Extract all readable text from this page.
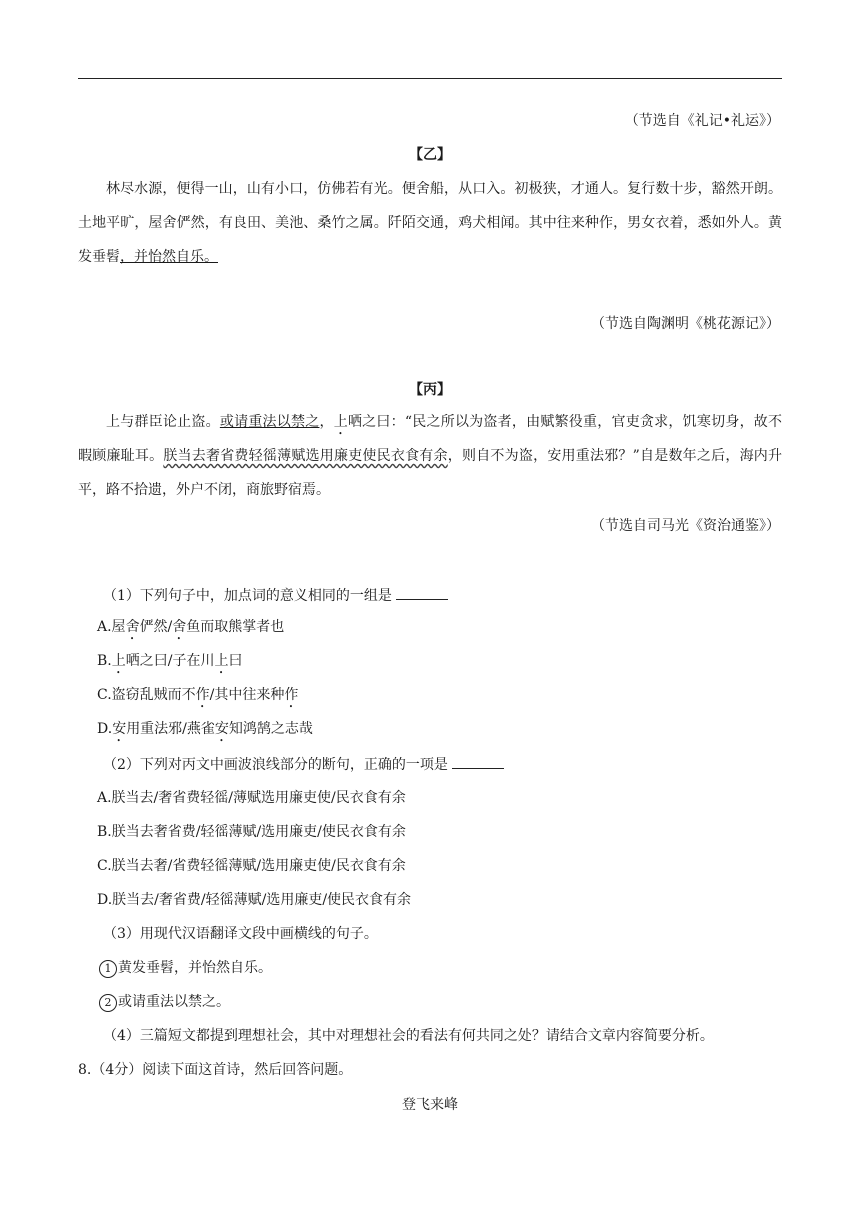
（节选自《礼记•礼运》）
【乙】
林尽水源，便得一山，山有小口，仿佛若有光。便舍船，从口入。初极狭，才通人。复行数十步，豁然开朗。土地平旷，屋舍俨然，有良田、美池、桑竹之属。阡陌交通，鸡犬相闻。其中往来种作，男女衣着，悉如外人。黄发垂髫，并怡然自乐。
（节选自陶渊明《桃花源记》）
【丙】
上与群臣论止盗。或请重法以禁之，上哂之曰：“民之所以为盗者，由赋繁役重，官吏贪求，饥寒切身，故不暇顾廉耻耳。朕当去奢省费轻徭薄赋选用廉吏使民衣食有余，则自不为盗，安用重法邪？”自是数年之后，海内升平，路不拾遗，外户不闭，商旅野宿焉。
（节选自司马光《资治通鉴》）
（1）下列句子中，加点词的意义相同的一组是
A.屋舍俨然/舍鱼而取熊掌者也
B.上哂之曰/子在川上曰
C.盗窃乱贼而不作/其中往来种作
D.安用重法邪/燕雀安知鸿鹄之志哉
（2）下列对丙文中画波浪线部分的断句，正确的一项是
A.朕当去/奢省费轻徭/薄赋选用廉吏使/民衣食有余
B.朕当去奢省费/轻徭薄赋/选用廉吏/使民衣食有余
C.朕当去奢/省费轻徭薄赋/选用廉吏使/民衣食有余
D.朕当去/奢省费/轻徭薄赋/选用廉吏/使民衣食有余
（3）用现代汉语翻译文段中画横线的句子。
1 黄发垂髫，并怡然自乐。
2 或请重法以禁之。
（4）三篇短文都提到理想社会，其中对理想社会的看法有何共同之处？请结合文章内容简要分析。
8.（4分）阅读下面这首诗，然后回答问题。
登飞来峰
